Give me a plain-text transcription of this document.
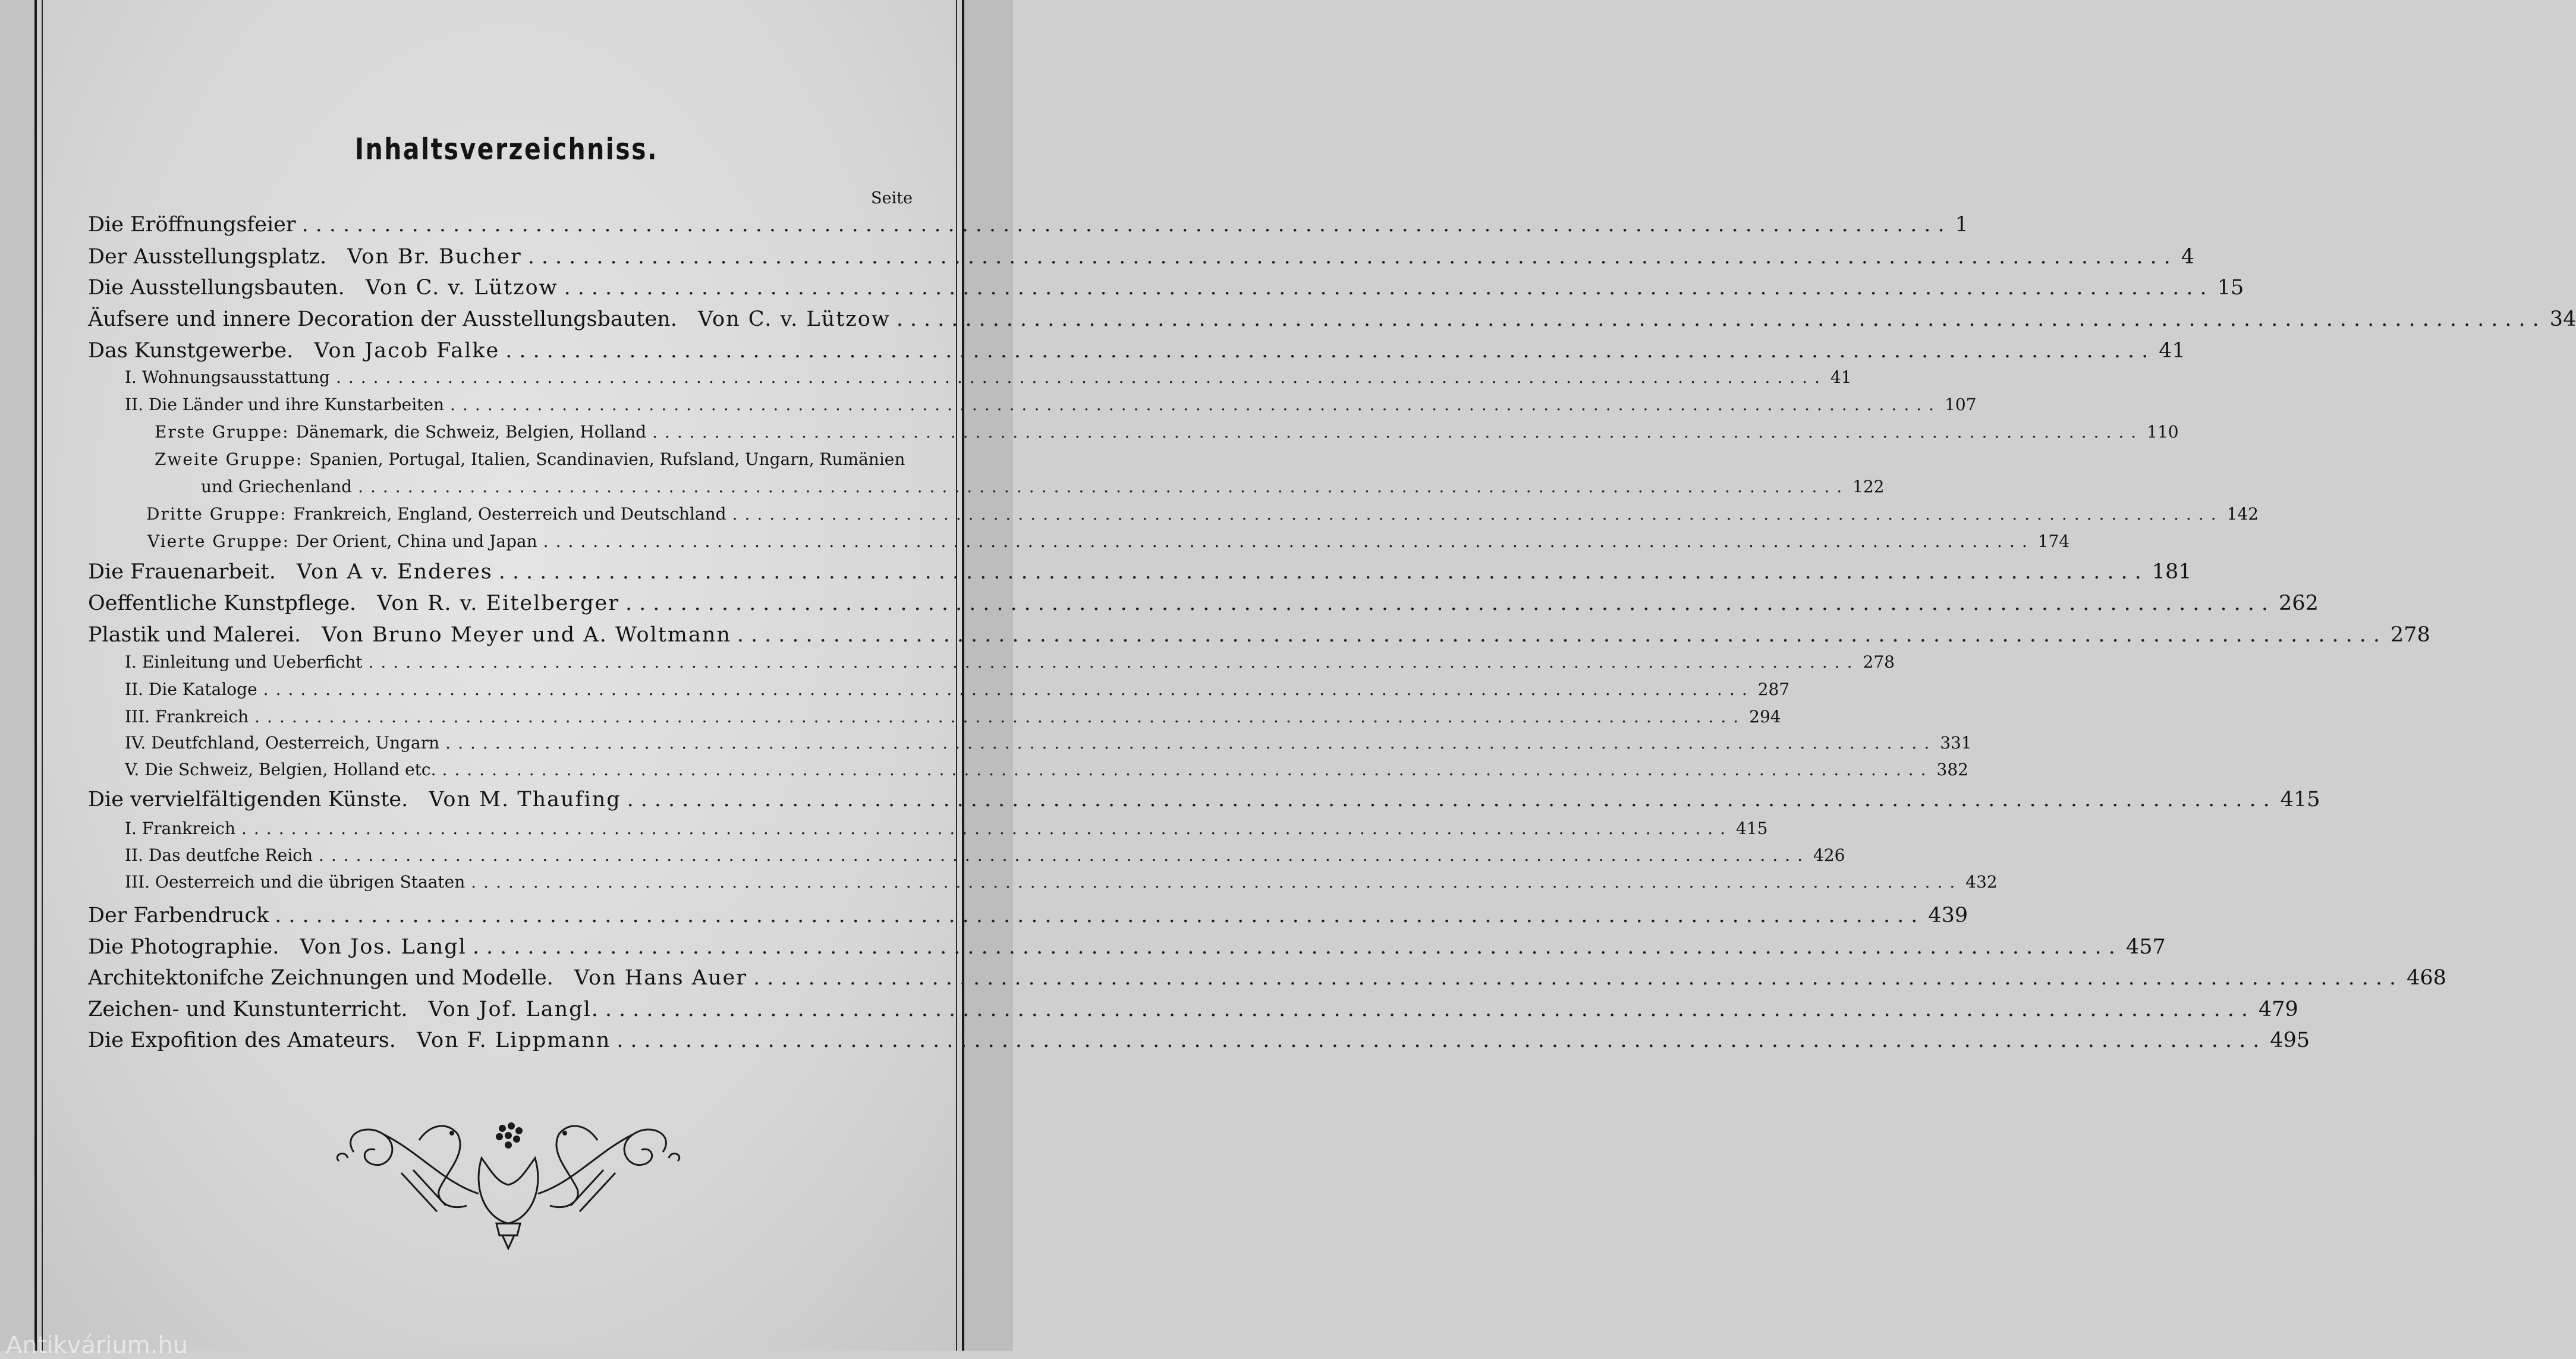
Inhaltsverzeichniss.
Seite
Die Eröffnungsfeier ........................................................................................................................ 1
Der Ausstellungsplatz. Von Br. Bucher ........................................................................................................................ 4
Die Ausstellungsbauten. Von C. v. Lützow ........................................................................................................................ 15
Äufsere und innere Decoration der Ausstellungsbauten. Von C. v. Lützow ........................................................................................................................ 34
Das Kunstgewerbe. Von Jacob Falke ........................................................................................................................ 41
I. Wohnungsausstattung ........................................................................................................................ 41
II. Die Länder und ihre Kunstarbeiten ........................................................................................................................ 107
Erste Gruppe: Dänemark, die Schweiz, Belgien, Holland ........................................................................................................................ 110
Zweite Gruppe: Spanien, Portugal, Italien, Scandinavien, Rufsland, Ungarn, Rumänien
und Griechenland ........................................................................................................................ 122
Dritte Gruppe: Frankreich, England, Oesterreich und Deutschland ........................................................................................................................ 142
Vierte Gruppe: Der Orient, China und Japan ........................................................................................................................ 174
Die Frauenarbeit. Von A v. Enderes ........................................................................................................................ 181
Oeffentliche Kunstpflege. Von R. v. Eitelberger ........................................................................................................................ 262
Plastik und Malerei. Von Bruno Meyer und A. Woltmann ........................................................................................................................ 278
I. Einleitung und Ueberficht ........................................................................................................................ 278
II. Die Kataloge ........................................................................................................................ 287
III. Frankreich ........................................................................................................................ 294
IV. Deutfchland, Oesterreich, Ungarn ........................................................................................................................ 331
V. Die Schweiz, Belgien, Holland etc. ........................................................................................................................ 382
Die vervielfältigenden Künste. Von M. Thaufing ........................................................................................................................ 415
I. Frankreich ........................................................................................................................ 415
II. Das deutfche Reich ........................................................................................................................ 426
III. Oesterreich und die übrigen Staaten ........................................................................................................................ 432
Der Farbendruck ........................................................................................................................ 439
Die Photographie. Von Jos. Langl ........................................................................................................................ 457
Architektonifche Zeichnungen und Modelle. Von Hans Auer ........................................................................................................................ 468
Zeichen- und Kunstunterricht. Von Jof. Langl. ........................................................................................................................ 479
Die Expofition des Amateurs. Von F. Lippmann ........................................................................................................................ 495
Antikvárium.hu
